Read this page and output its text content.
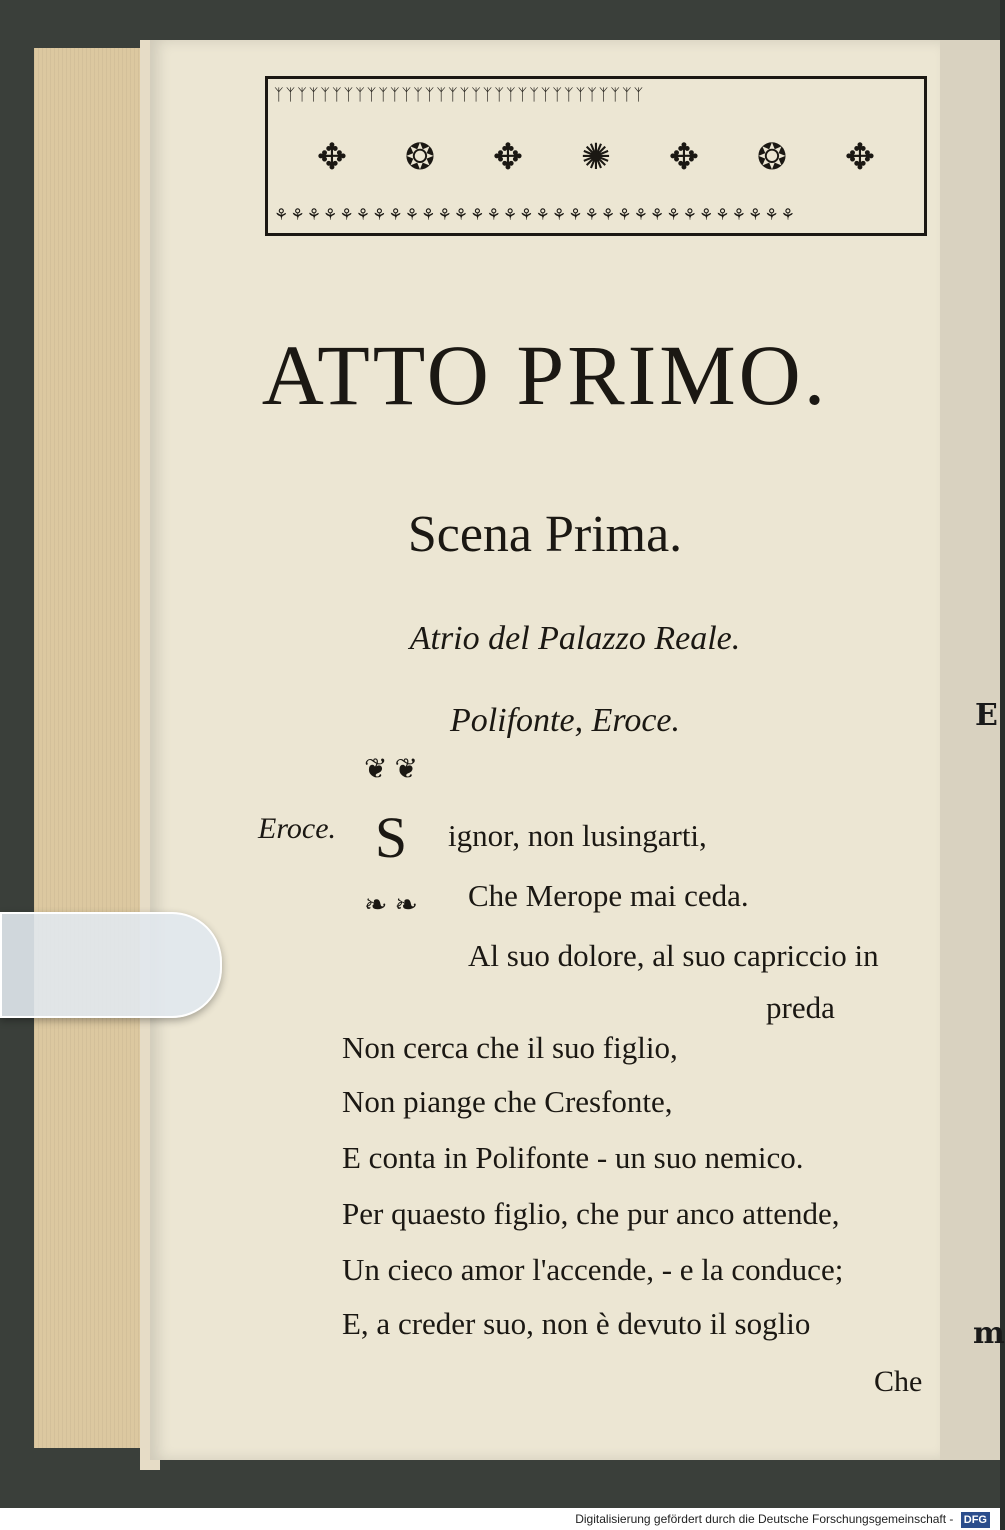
E
m
ᛉᛉᛉᛉᛉᛉᛉᛉᛉᛉᛉᛉᛉᛉᛉᛉᛉᛉᛉᛉᛉᛉᛉᛉᛉᛉᛉᛉᛉᛉᛉᛉ
✥ ❂ ✥ ✺ ✥ ❂ ✥
⚘⚘⚘⚘⚘⚘⚘⚘⚘⚘⚘⚘⚘⚘⚘⚘⚘⚘⚘⚘⚘⚘⚘⚘⚘⚘⚘⚘⚘⚘⚘⚘
ATTO PRIMO.
Scena Prima.
Atrio del Palazzo Reale.
Polifonte, Eroce.
Eroce.
❦ ❦
S
❧ ❧
ignor, non lusingarti,
Che Merope mai ceda.
Al suo dolore, al suo capriccio in
preda
Non cerca che il suo figlio,
Non piange che Cresfonte,
E conta in Polifonte - un suo nemico.
Per quaesto figlio, che pur anco attende,
Un cieco amor l'accende, - e la conduce;
E, a creder suo, non è devuto il soglio
Che
Digitalisierung gefördert durch die Deutsche Forschungsgemeinschaft - DFG
